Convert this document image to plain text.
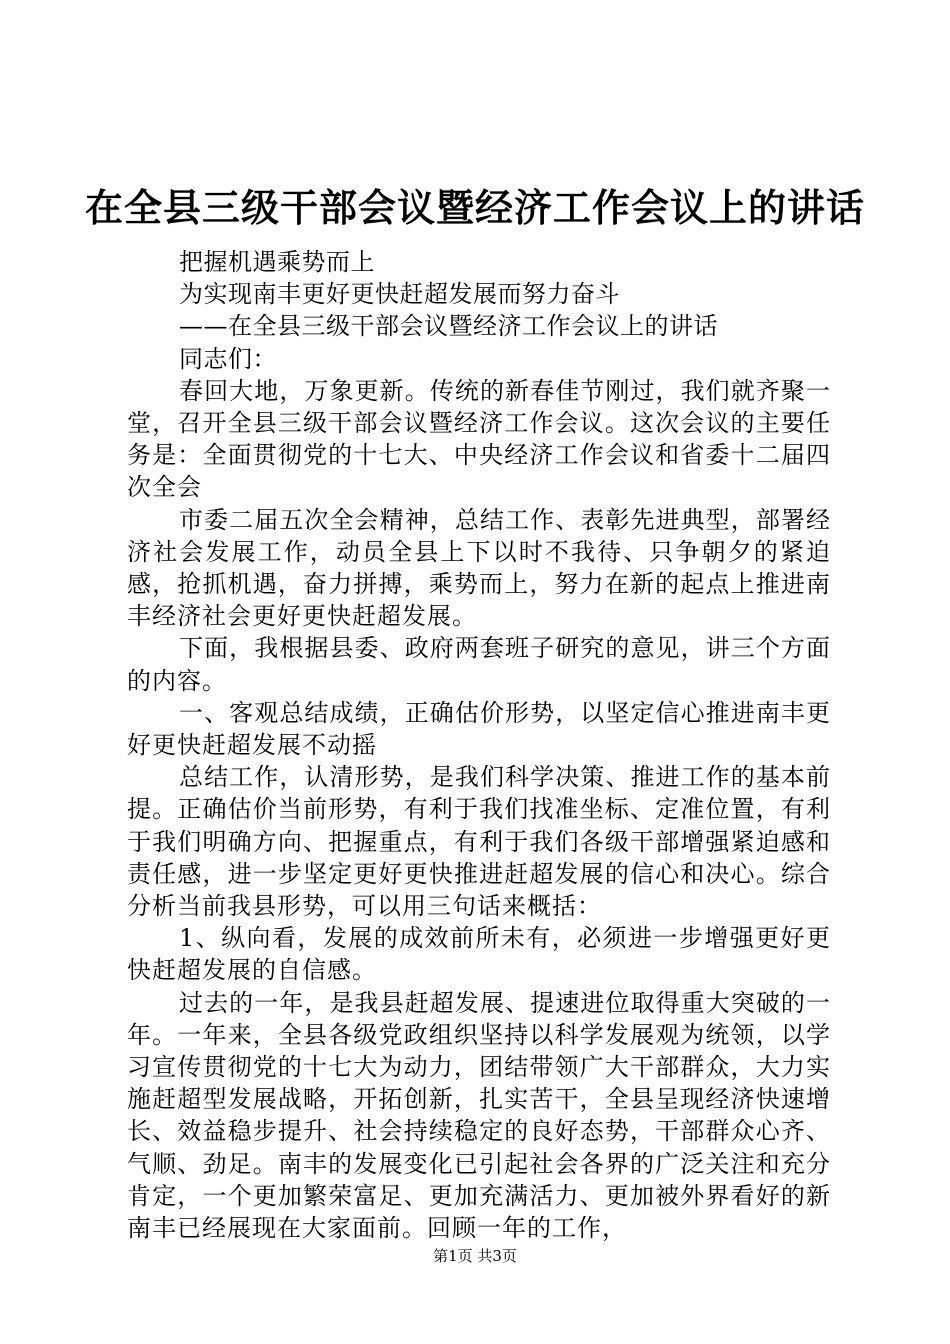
在全县三级干部会议暨经济工作会议上的讲话

把握机遇乘势而上

为实现南丰更好更快赶超发展而努力奋斗

——在全县三级干部会议暨经济工作会议上的讲话

同志们：

春回大地，万象更新。传统的新春佳节刚过，我们就齐聚一堂，召开全县三级干部会议暨经济工作会议。这次会议的主要任务是：全面贯彻党的十七大、中央经济工作会议和省委十二届四次全会

市委二届五次全会精神，总结工作、表彰先进典型，部署经济社会发展工作，动员全县上下以时不我待、只争朝夕的紧迫感，抢抓机遇，奋力拼搏，乘势而上，努力在新的起点上推进南丰经济社会更好更快赶超发展。

下面，我根据县委、政府两套班子研究的意见，讲三个方面的内容。

一、客观总结成绩，正确估价形势，以坚定信心推进南丰更好更快赶超发展不动摇

总结工作，认清形势，是我们科学决策、推进工作的基本前提。正确估价当前形势，有利于我们找准坐标、定准位置，有利于我们明确方向、把握重点，有利于我们各级干部增强紧迫感和责任感，进一步坚定更好更快推进赶超发展的信心和决心。综合分析当前我县形势，可以用三句话来概括：

1、纵向看，发展的成效前所未有，必须进一步增强更好更快赶超发展的自信感。

过去的一年，是我县赶超发展、提速进位取得重大突破的一年。一年来，全县各级党政组织坚持以科学发展观为统领，以学习宣传贯彻党的十七大为动力，团结带领广大干部群众，大力实施赶超型发展战略，开拓创新，扎实苦干，全县呈现经济快速增长、效益稳步提升、社会持续稳定的良好态势，干部群众心齐、气顺、劲足。南丰的发展变化已引起社会各界的广泛关注和充分肯定，一个更加繁荣富足、更加充满活力、更加被外界看好的新南丰已经展现在大家面前。回顾一年的工作，

第1页 共3页
